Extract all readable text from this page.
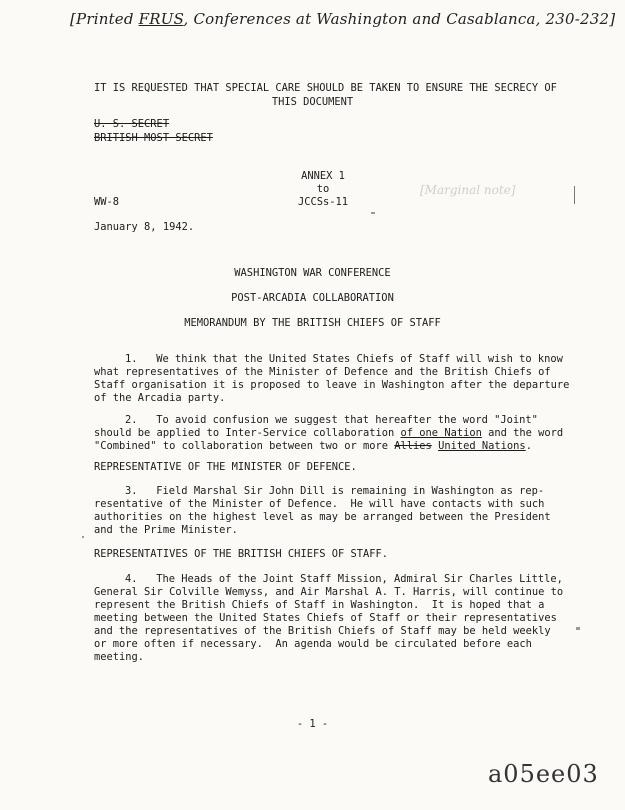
[Printed FRUS, Conferences at Washington and Casablanca, 230-232]
IT IS REQUESTED THAT SPECIAL CARE SHOULD BE TAKEN TO ENSURE THE SECRECY OF
THIS DOCUMENT
U. S. SECRET
BRITISH MOST SECRET
ANNEX 1
to
JCCSs-11
[Marginal note]
WW-8
January 8, 1942.
WASHINGTON WAR CONFERENCE
POST-ARCADIA COLLABORATION
MEMORANDUM BY THE BRITISH CHIEFS OF STAFF
1.   We think that the United States Chiefs of Staff will wish to know
what representatives of the Minister of Defence and the British Chiefs of
Staff organisation it is proposed to leave in Washington after the departure
of the Arcadia party.
2.   To avoid confusion we suggest that hereafter the word "Joint"
should be applied to Inter-Service collaboration of one Nation and the word
"Combined" to collaboration between two or more Allies United Nations.
REPRESENTATIVE OF THE MINISTER OF DEFENCE.
3.   Field Marshal Sir John Dill is remaining in Washington as rep-
resentative of the Minister of Defence.  He will have contacts with such
authorities on the highest level as may be arranged between the President
and the Prime Minister.
REPRESENTATIVES OF THE BRITISH CHIEFS OF STAFF.
4.   The Heads of the Joint Staff Mission, Admiral Sir Charles Little,
General Sir Colville Wemyss, and Air Marshal A. T. Harris, will continue to
represent the British Chiefs of Staff in Washington.  It is hoped that a
meeting between the United States Chiefs of Staff or their representatives
and the representatives of the British Chiefs of Staff may be held weekly
or more often if necessary.  An agenda would be circulated before each
meeting.
- 1 -
a05ee03
